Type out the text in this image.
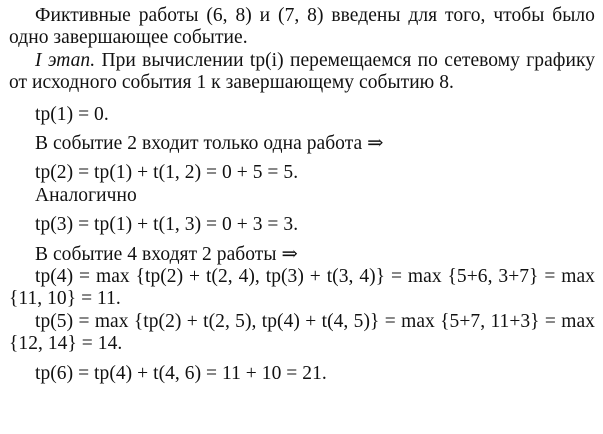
Фиктивные работы (6, 8) и (7, 8) введены для того, чтобы было одно завершающее событие.

I этап. При вычислении tp(i) перемещаемся по сетевому графику от исходного события 1 к завершающему событию 8.

tp(1) = 0.

В событие 2 входит только одна работа ⇒

tp(2) = tp(1) + t(1, 2) = 0 + 5 = 5.

Аналогично

tp(3) = tp(1) + t(1, 3) = 0 + 3 = 3.

В событие 4 входят 2 работы ⇒

tp(4) = max {tp(2) + t(2, 4), tp(3) + t(3, 4)} = max {5+6, 3+7} = max {11, 10} = 11.

tp(5) = max {tp(2) + t(2, 5), tp(4) + t(4, 5)} = max {5+7, 11+3} = max {12, 14} = 14.

tp(6) = tp(4) + t(4, 6) = 11 + 10 = 21.
